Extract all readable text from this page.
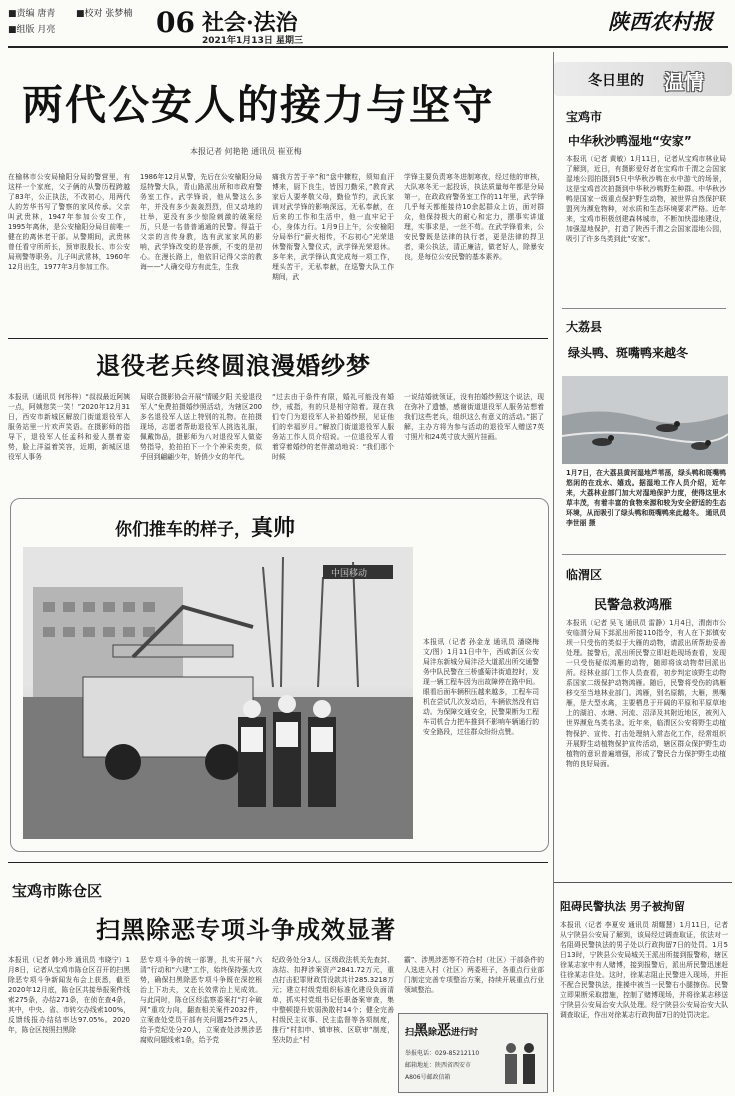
■责编 唐青 ■校对 张梦楠
■组版 月亮	06 社会·法治
2021年1月13日 星期三
陕西农村报
两代公安人的接力与坚守
本报记者 何艳艳 通讯员 崔亚梅
在榆林市公安局榆阳分局的警营里，有这样一个家庭，父子俩的从警历程跨越了83年，公正执法，不改初心，用两代人的芳华书写了警察的家风传承。父亲叫武贵林，1947年参加公安工作，1995年离休，是公安榆阳分局目前唯一健在的离休老干部。从警期间，武贵林曾任看守所所长，预审股股长、市公安局刑警等职务。儿子叫武常林，1960年12月出生，1977年3月参加工作。
1986年12月从警，先后在公安榆阳分局巡特警大队，青山路派出所和市政府警务室工作。武学锋说，他从警这么多年，并没有多少轰轰烈烈，但又动地的壮举，更没有多少惊险刺激的破案经历，只是一名普普通通的民警。得益于父亲的言传身教，选有武家家风的影响，武学锋改变的是容颜，不变的是初心。在漫长路上，他依旧记得父亲的教诲——“人确交母方有此生，生我
痛我方苦于辛”和“盘中糠粒，须知血汗博来，厨下良生，皆因刀勤采，”教育武家后人要孝敬父母，勤俭节约，武氏家训对武学锋的影响深远，无私奉献，在后来的工作和生活中，他一直牢记于心，身体力行。1月9日上午，公安榆阳分局举行“薪火相传，不忘初心”光荣退休警衔警入警仪式，武学锋光荣退休。多年来，武学锋认真完成每一项工作，埋头苦干，无私奉献，在巡警大队工作期间，武
学锋主要负责寒冬进制寒夜，经过他的审核，大队寒冬无一起投诉，执法质量每年都是分局第一，在政政府警务室工作的11年里，武学锋几乎每天都能接待10余起群众上访，面对群众，他保持极大的耐心和定力，摆事实讲道理，实事求是，一丝不苟。在武学锋看来，公安民警既是法律的执行者，更是法律的捍卫者，秉公执法，清正廉洁，做老好人，除暴安良，是每位公安民警的基本素养。
退役老兵终圆浪漫婚纱梦
本报讯（通讯员 何彤梓）“叔叔最近阿姨一点，阿姨您笑一笑！”2020年12月31日，西安市新城区解放门街道退役军人服务站里一片欢声笑语。在摄影师的指导下，退役军人任孟科和爱人摆着姿势，脸上洋溢着笑容，近期，新城区退役军人事务
局联合摄影协会开展“情暖夕阳 关爱退役军人”免费拍摄婚纱照活动，为辖区200多名退役军人送上特别的礼物。在拍摄现场，志愿者帮助退役军人挑选礼服，佩戴饰品，摄影师为八对退役军人做姿势指导，抢拍拍下一个个神采奕奕，似乎回到翩翩少年，娇俏少女的年代。
“过去由于条件有限，婚礼可能没有婚纱，戒指，有的只是相守陪着。现在我们专门为退役军人补拍婚纱照，见证他们的幸福岁月。”解放门街道退役军人服务站工作人员介绍说。一位退役军人看着穿着婚纱的老伴激动地说：“我们那个时候
一说结婚就领证，没有拍婚纱照这个说法，现在弥补了遗憾，感谢街道退役军人服务站想着我们这些老兵，组织这么有意义的活动。”据了解，主办方将为参与活动的退役军人赠送7英寸照片和24英寸放大照片挂画。
你们推车的样子，真帅
中国移动
本报讯（记者 孙金龙 通讯员 潘晓梅文/图）1月11日中午，西咸新区公安局沣东新城分局沣泾大道派出所交通警务中队民警在三桥盛菊沣街道控时，发现一辆工程车因为出故障停在路中间。眼看后面车辆积压越来越多，工程车司机在尝试几次发动后，车辆依然没有启动。为保障交通安全，民警果断为工程车司机合力把车推到不影响车辆通行的安全路段，过往群众纷纷点赞。
宝鸡市陈仓区
扫黑除恶专项斗争成效显著
本报讯（记者 韩小珍 通讯员 韦晓宁）1月8日，记者从宝鸡市陈仓区召开的扫黑除恶专项斗争新闻发布会上获悉，截至2020年12月底，陈仓区共接举报案件线索275条，办结271条，在侦在查4条，其中，中央、省、市转交办线索100%，反馈线报办结结率达97.05%。2020年，陈仓区按照扫黑除
恶专项斗争的统一部署，扎实开展“六清”行动和“六建”工作，始终保持强大攻势，确保扫黑除恶专项斗争既在深挖根治上下功夫，又在长效常治上见成效。与此同时，陈仓区经监察委案打“打伞破网”重攻力向，翻查相关案件2032件，立案查处党员干部有关问题25件25人，给予党纪处分20人，立案查处涉黑涉恶腐败问题线索1条，给予党
纪政务处分3人。区级政法机关先查封、冻结、扣押涉案资产2841.72万元，重点打击犯罪财政罚没款共计285.3218万元；建立村级党组织标准化建设负面清单，抓实村党组书记任职备案审查，集中整顿提升软弱涣散村14个；健全完善村级民主议事、民主监督等各项制度，推行“村扣申、镇审核、区联审”制度，坚决防止“村
霸”、涉黑涉恶等不符合村（社区）干部条件的人选进入村（社区）两委班子，各重点行业部门制定完善专项整治方案，持续开展重点行业领域整治。
扫黑除恶进行时
举报电话：029-85212110
邮箱地址：陕西省西安市
A806号邮政信箱
冬日里的 温情
宝鸡市
中华秋沙鸭湿地“安家”
本报讯（记者 黄敏）1月11日，记者从宝鸡市林业局了解到，近日，有摄影爱好者在宝鸡市千渭之会国家湿地公园拍摄到5只中华秋沙鸭在水中游弋的场景，这是宝鸡首次拍摄到中华秋沙鸭野生种群。中华秋沙鸭是国家一级重点保护野生动物，被世界自然保护联盟列为濒危物种，对水质和生态环境要求严格。近年来，宝鸡市积极创建森林城市，不断加快湿地建设，加强湿地保护，打造了陕西千渭之会国家湿地公园，吸引了许多鸟类到此“安家”。
大荔县
绿头鸭、斑嘴鸭来越冬
1月7日，在大荔县黄河湿地芦苇荡，绿头鸭和斑嘴鸭悠闲的在戏水、嬉戏。据湿地工作人员介绍，近年来，大荔林业部门加大对湿地保护力度，使得这里水草丰茂，有着丰富的食物来源和较为安全舒适的生态环境，从而吸引了绿头鸭和斑嘴鸭来此越冬。 通讯员 李世丽 摄
临渭区
民警急救鸿雁
本报讯（记者 吴飞 通讯员 雷静）1月4日，渭南市公安临渭分局下邽派出所接110指令，有人在下邽镇安坝一只受伤的类似于大雁的动物，请派出所帮助妥善处理。接警后，派出所民警立即赶赴现场查看，发现一只受伤疑似鸿雁的动物，随即将该动物带回派出所。经林业部门工作人员查看，初步判定该野生动物系国家二级保护动物鸿雁。随后，民警将受伤的鸿雁移交至当地林业部门。鸿雁，别名原鹅，大雁，黑嘴雁，是大型水禽，主要栖息于开阔的平原和平原草地上的湖泊、水塘、河流、沼泽及其附近地区，被列入世界濒危鸟类名录。近年来，临渭区公安将野生动植物保护、宣传、打击处理纳入常态化工作，经常组织开展野生动植物保护宣传活动，辖区群众保护野生动植物的意识普遍增强，形成了警民合力保护野生动植物的良好局面。
阻碍民警执法 男子被拘留
本报讯（记者 李夏安 通讯员 胡耀慧）1月11日，记者从宁陕县公安局了解到，该局经过调查取证，依法对一名阻碍民警执法的男子处以行政拘留7日的处罚。1月5日13时，宁陕县公安局城关王派出所接到报警称，辖区徐某志家中有人赌博，接到报警后，派出所民警迅速赶往徐某志住处。这时，徐某志阻止民警进入现场，并拒不配合民警执法，推搡中被当一民警右小腿擦伤。民警立即果断采取措施，控制了赌博现场，并将徐某志移送宁陕县公安局治安大队处理。经宁陕县公安局治安大队调查取证，作出对徐某志行政拘留7日的处罚决定。
